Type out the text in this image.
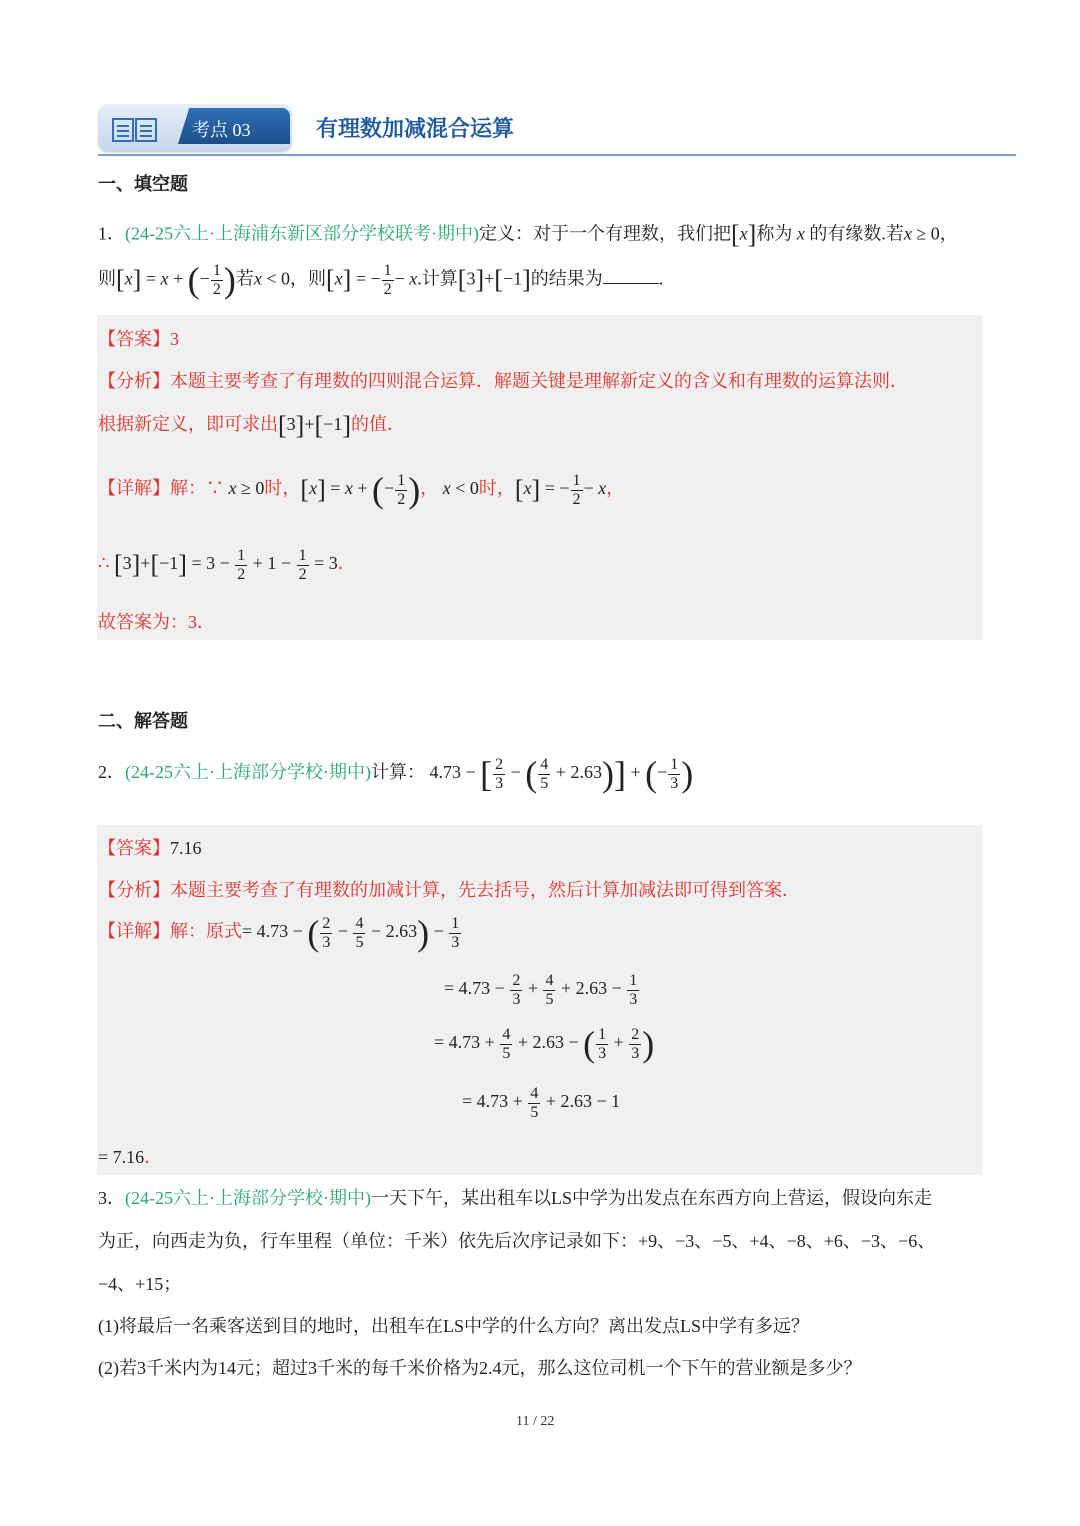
考点 03	有理数加减混合运算
一、填空题
1．(24-25六上·上海浦东新区部分学校联考·期中)定义：对于一个有理数，我们把[x]称为 x 的有缘数.若x ≥ 0，
则[x] = x + (− $\frac{1}{2}$ )若x < 0，则[x] = − $\frac{1}{2} - x$.计算[3]+[−1]的结果为	.
【答案】3
【分析】本题主要考查了有理数的四则混合运算．解题关键是理解新定义的含义和有理数的运算法则．
根据新定义，即可求出[3]+[−1]的值．
【详解】解：∵ x ≥ 0时，[x] = x + (− $\frac{1}{2}$ )， x < 0时，[x] = − $\frac{1}{2} - x$，
∴ $[3]+[-1] = 3 - \frac{1}{2} + 1 - \frac{1}{2} = 3$．
故答案为：3．
二、解答题
2．(24-25六上·上海部分学校·期中)计算： 4.73 − [ $\frac{2}{3}$ − ( $\frac{4}{5} + 2.63$)] + (− $\frac{1}{3}$ )
【答案】7.16
【分析】本题主要考查了有理数的加减计算，先去括号，然后计算加减法即可得到答案．
【详解】解：原式= 4.73 − ( $\frac{2}{3} - \frac{4}{5} - 2.63) - \frac{1}{3}$
= $4.73 - \frac{2}{3} + \frac{4}{5} + 2.63 - \frac{1}{3}$
= $4.73 + \frac{4}{5} + 2.63$ − ( $\frac{1}{3} + \frac{2}{3}$ )
= $4.73 + \frac{4}{5} + 2.63 - 1$
= 7.16．
3．(24-25六上·上海部分学校·期中)一天下午，某出租车以LS中学为出发点在东西方向上营运，假设向东走
为正，向西走为负，行车里程（单位：千米）依先后次序记录如下：+9、−3、−5、+4、−8、+6、−3、−6、
−4、+15；
(1)将最后一名乘客送到目的地时，出租车在LS中学的什么方向？离出发点LS中学有多远？
(2)若3千米内为14元；超过3千米的每千米价格为2.4元，那么这位司机一个下午的营业额是多少？
11 / 22
